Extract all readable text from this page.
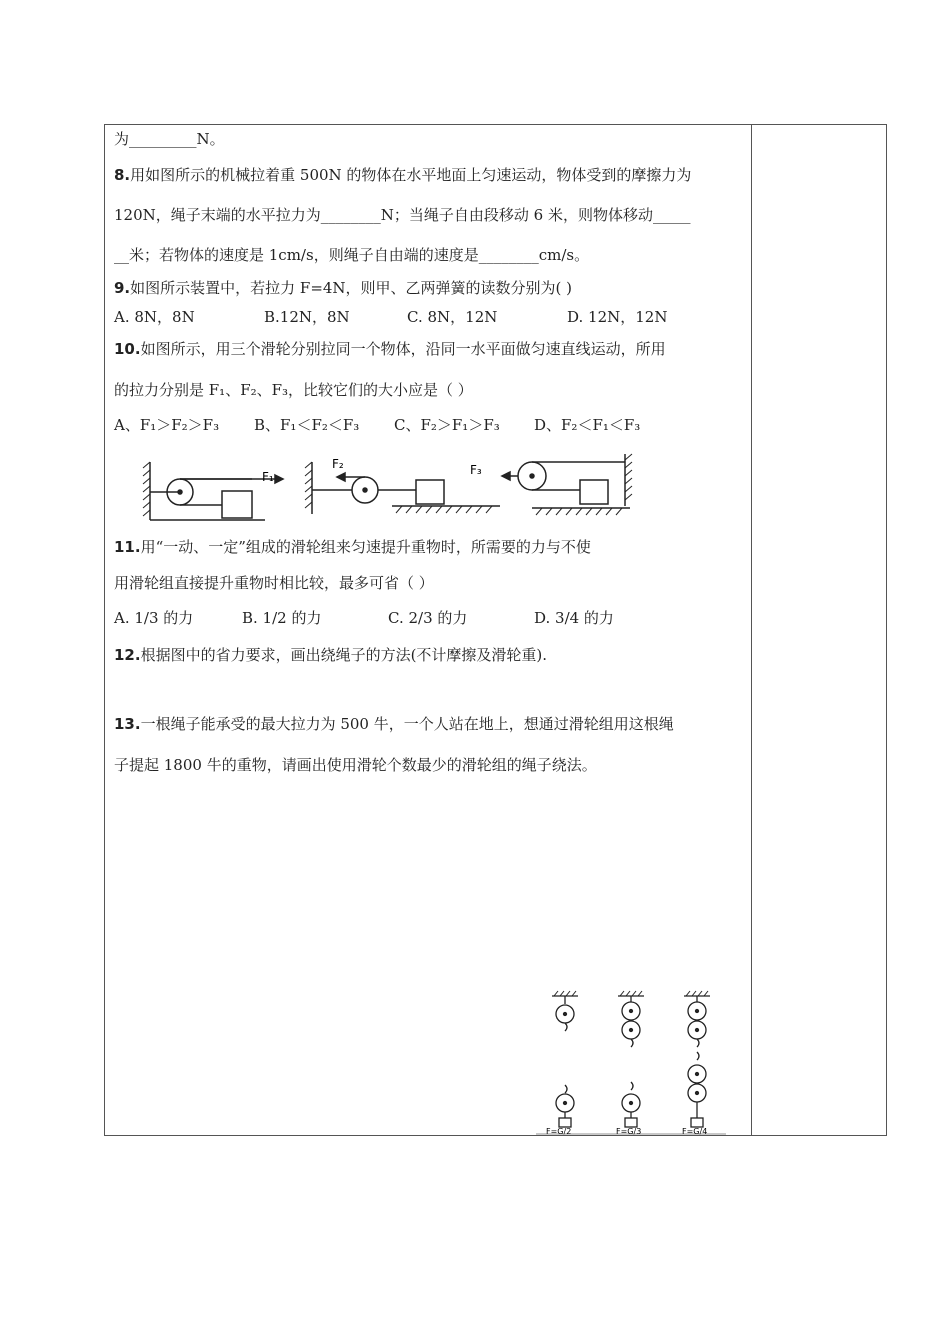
为_________N。
8.用如图所示的机械拉着重 500N 的物体在水平地面上匀速运动，物体受到的摩擦力为
120N，绳子末端的水平拉力为________N；当绳子自由段移动 6 米，则物体移动_____
__米；若物体的速度是 1cm/s，则绳子自由端的速度是________cm/s。
9.如图所示装置中，若拉力 F=4N，则甲、乙两弹簧的读数分别为( )
A. 8N，8N	B.12N，8N	C. 8N，12N	D. 12N，12N
10.如图所示，用三个滑轮分别拉同一个物体，沿同一水平面做匀速直线运动，所用
的拉力分别是 F₁、F₂、F₃，比较它们的大小应是（ ）
A、F₁＞F₂＞F₃ B、F₁＜F₂＜F₃ C、F₂＞F₁＞F₃ D、F₂＜F₁＜F₃
F₁
F₂	F₃
11.用“一动、一定”组成的滑轮组来匀速提升重物时，所需要的力与不使
用滑轮组直接提升重物时相比较，最多可省（ ）
A. 1/3 的力	B. 1/2 的力	C. 2/3 的力	D. 3/4 的力
12.根据图中的省力要求，画出绕绳子的方法(不计摩擦及滑轮重).
13.一根绳子能承受的最大拉力为 500 牛，一个人站在地上，想通过滑轮组用这根绳
子提起 1800 牛的重物，请画出使用滑轮个数最少的滑轮组的绳子绕法。
F=G/2	F=G/3	F=G/4
